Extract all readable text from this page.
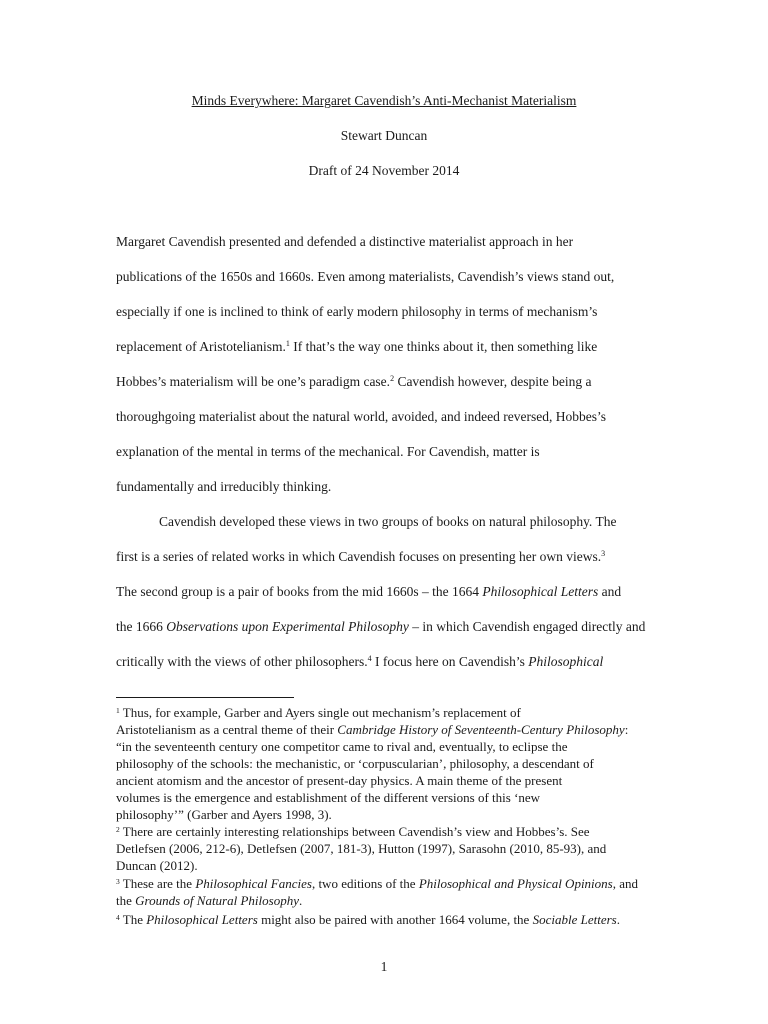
Minds Everywhere: Margaret Cavendish’s Anti-Mechanist Materialism
Stewart Duncan
Draft of 24 November 2014
Margaret Cavendish presented and defended a distinctive materialist approach in her
publications of the 1650s and 1660s. Even among materialists, Cavendish’s views stand out,
especially if one is inclined to think of early modern philosophy in terms of mechanism’s
replacement of Aristotelianism.$^1$ If that’s the way one thinks about it, then something like
Hobbes’s materialism will be one’s paradigm case.$^2$ Cavendish however, despite being a
thoroughgoing materialist about the natural world, avoided, and indeed reversed, Hobbes’s
explanation of the mental in terms of the mechanical. For Cavendish, matter is
fundamentally and irreducibly thinking.
Cavendish developed these views in two groups of books on natural philosophy. The
first is a series of related works in which Cavendish focuses on presenting her own views.$^3$
The second group is a pair of books from the mid 1660s – the 1664 Philosophical Letters and
the 1666 Observations upon Experimental Philosophy – in which Cavendish engaged directly and
critically with the views of other philosophers.$^4$ I focus here on Cavendish’s Philosophical
$^1$ Thus, for example, Garber and Ayers single out mechanism’s replacement of
Aristotelianism as a central theme of their Cambridge History of Seventeenth-Century Philosophy:
“in the seventeenth century one competitor came to rival and, eventually, to eclipse the
philosophy of the schools: the mechanistic, or ‘corpuscularian’, philosophy, a descendant of
ancient atomism and the ancestor of present-day physics. A main theme of the present
volumes is the emergence and establishment of the different versions of this ‘new
philosophy’” (Garber and Ayers 1998, 3).
$^2$ There are certainly interesting relationships between Cavendish’s view and Hobbes’s. See
Detlefsen (2006, 212-6), Detlefsen (2007, 181-3), Hutton (1997), Sarasohn (2010, 85-93), and
Duncan (2012).
$^3$ These are the Philosophical Fancies, two editions of the Philosophical and Physical Opinions, and
the Grounds of Natural Philosophy.
$^4$ The Philosophical Letters might also be paired with another 1664 volume, the Sociable Letters.
1
